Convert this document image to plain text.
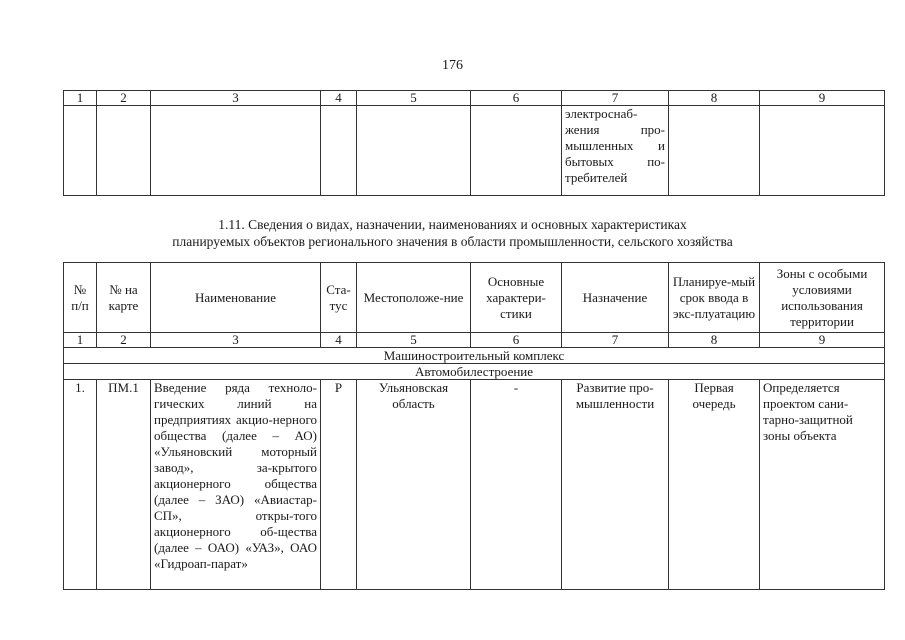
176
1	2	3	4	5	6	7	8	9
						электроснаб-жения про-мышленных и бытовых по-требителей		
1.11. Сведения о видах, назначении, наименованиях и основных характеристиках
планируемых объектов регионального значения в области промышленности, сельского хозяйства
№ п/п	№ на карте	Наименование	Ста-тус	Местоположе-ние	Основные характери-стики	Назначение	Планируе-мый срок ввода в экс-плуатацию	Зоны с особыми условиями использования территории
1	2	3	4	5	6	7	8	9
Машиностроительный комплекс								
Автомобилестроение								
1.	ПМ.1	Введение ряда техноло-гических линий на предприятиях акцио-нерного общества (далее – АО) «Ульяновский моторный завод», за-крытого акционерного общества (далее – ЗАО) «Авиастар-СП», откры-того акционерного об-щества (далее – ОАО) «УАЗ», ОАО «Гидроап-парат»	Р	Ульяновская область	-	Развитие про-мышленности	Первая очередь	Определяется проектом сани-тарно-защитной зоны объекта
